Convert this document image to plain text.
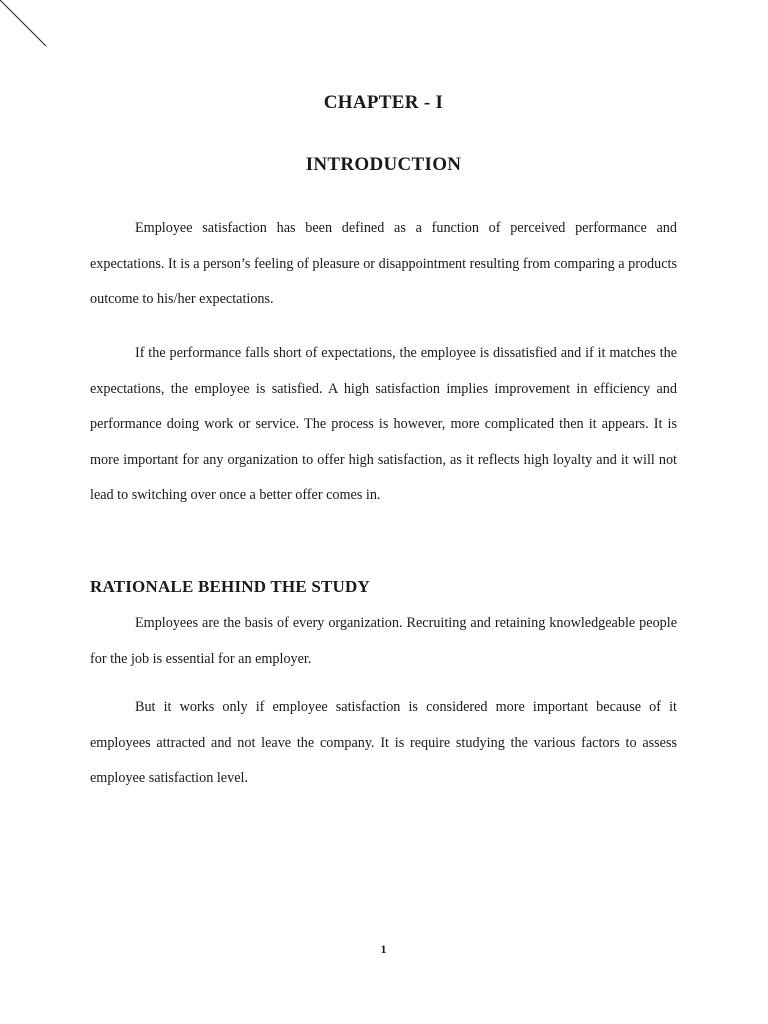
CHAPTER - I
INTRODUCTION

Employee satisfaction has been defined as a function of perceived performance and expectations. It is a person’s feeling of pleasure or disappointment resulting from comparing a products outcome to his/her expectations.

If the performance falls short of expectations, the employee is dissatisfied and if it matches the expectations, the employee is satisfied. A high satisfaction implies improvement in efficiency and performance doing work or service. The process is however, more complicated then it appears. It is more important for any organization to offer high satisfaction, as it reflects high loyalty and it will not lead to switching over once a better offer comes in.

RATIONALE BEHIND THE STUDY

Employees are the basis of every organization. Recruiting and retaining knowledgeable people for the job is essential for an employer.

But it works only if employee satisfaction is considered more important because of it employees attracted and not leave the company. It is require studying the various factors to assess employee satisfaction level.

1
